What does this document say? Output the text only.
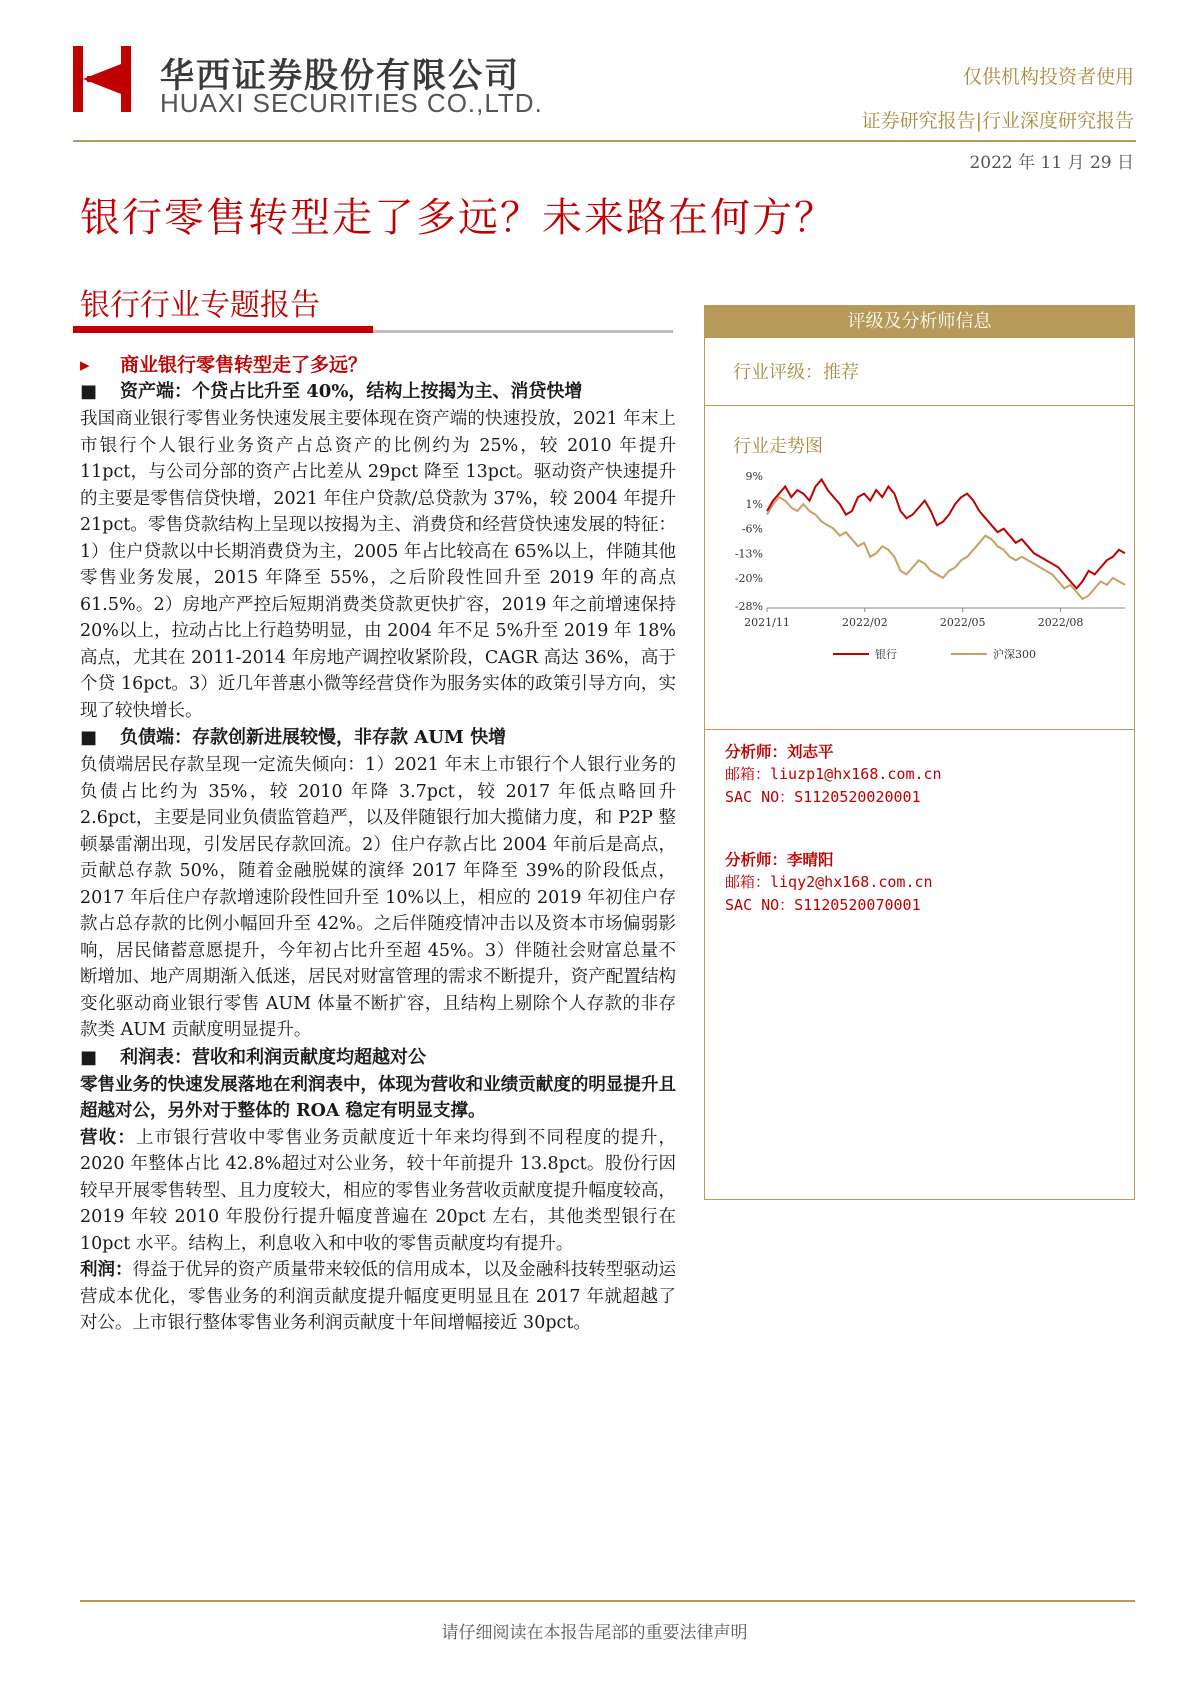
华西证券股份有限公司
HUAXI SECURITIES CO.,LTD.
仅供机构投资者使用
证券研究报告|行业深度研究报告
2022 年 11 月 29 日
银行零售转型走了多远？未来路在何方？
银行行业专题报告
▸ 商业银行零售转型走了多远？
■ 资产端：个贷占比升至 40%，结构上按揭为主、消贷快增

我国商业银行零售业务快速发展主要体现在资产端的快速投放，2021 年末上市银行个人银行业务资产占总资产的比例约为 25%，较 2010 年提升 11pct，与公司分部的资产占比差从 29pct 降至 13pct。驱动资产快速提升的主要是零售信贷快增，2021 年住户贷款/总贷款为 37%，较 2004 年提升 21pct。零售贷款结构上呈现以按揭为主、消费贷和经营贷快速发展的特征：1）住户贷款以中长期消费贷为主，2005 年占比较高在 65%以上，伴随其他零售业务发展，2015 年降至 55%，之后阶段性回升至 2019 年的高点 61.5%。2）房地产严控后短期消费类贷款更快扩容，2019 年之前增速保持 20%以上，拉动占比上行趋势明显，由 2004 年不足 5%升至 2019 年 18%高点，尤其在 2011-2014 年房地产调控收紧阶段，CAGR 高达 36%，高于个贷 16pct。3）近几年普惠小微等经营贷作为服务实体的政策引导方向，实现了较快增长。

■ 负债端：存款创新进展较慢，非存款 AUM 快增

负债端居民存款呈现一定流失倾向：1）2021 年末上市银行个人银行业务的负债占比约为 35%，较 2010 年降 3.7pct，较 2017 年低点略回升 2.6pct，主要是同业负债监管趋严，以及伴随银行加大揽储力度，和 P2P 整顿暴雷潮出现，引发居民存款回流。2）住户存款占比 2004 年前后是高点，贡献总存款 50%，随着金融脱媒的演绎 2017 年降至 39%的阶段低点，2017 年后住户存款增速阶段性回升至 10%以上，相应的 2019 年初住户存款占总存款的比例小幅回升至 42%。之后伴随疫情冲击以及资本市场偏弱影响，居民储蓄意愿提升，今年初占比升至超 45%。3）伴随社会财富总量不断增加、地产周期渐入低迷，居民对财富管理的需求不断提升，资产配置结构变化驱动商业银行零售 AUM 体量不断扩容，且结构上剔除个人存款的非存款类 AUM 贡献度明显提升。

■ 利润表：营收和利润贡献度均超越对公

零售业务的快速发展落地在利润表中，体现为营收和业绩贡献度的明显提升且超越对公，另外对于整体的 ROA 稳定有明显支撑。

营收：上市银行营收中零售业务贡献度近十年来均得到不同程度的提升，2020 年整体占比 42.8%超过对公业务，较十年前提升 13.8pct。股份行因较早开展零售转型、且力度较大，相应的零售业务营收贡献度提升幅度较高，2019 年较 2010 年股份行提升幅度普遍在 20pct 左右，其他类型银行在 10pct 水平。结构上，利息收入和中收的零售贡献度均有提升。

利润：得益于优异的资产质量带来较低的信用成本，以及金融科技转型驱动运营成本优化，零售业务的利润贡献度提升幅度更明显且在 2017 年就超越了对公。上市银行整体零售业务利润贡献度十年间增幅接近 30pct。

评级及分析师信息
行业评级：推荐
行业走势图
9%
1%
-6%
-13%
-20%
-28%
2021/11	2022/02	2022/05	2022/08
银行	沪深300
分析师：刘志平
邮箱：liuzp1@hx168.com.cn
SAC NO：S1120520020001
分析师：李晴阳
邮箱：liqy2@hx168.com.cn
SAC NO：S1120520070001
请仔细阅读在本报告尾部的重要法律声明
